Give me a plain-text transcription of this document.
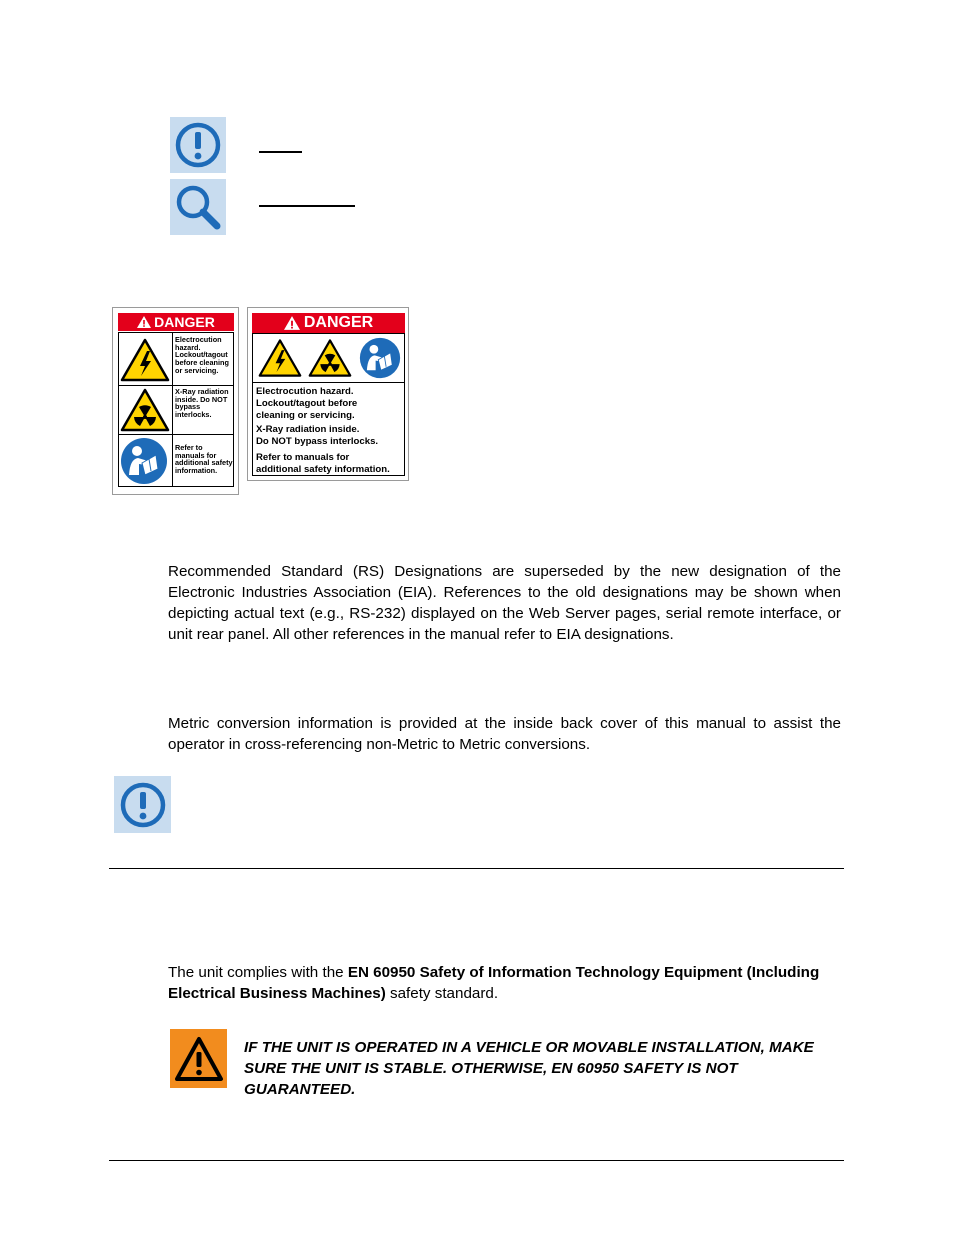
DANGER
Electrocution hazard. Lockout/tagout before cleaning or servicing.
X-Ray radiation inside. Do NOT bypass interlocks.
Refer to manuals for additional safety information.
DANGER
Electrocution hazard.
Lockout/tagout before
cleaning or servicing.
X-Ray radiation inside.
Do NOT bypass interlocks.
Refer to manuals for
additional safety information.
Recommended Standard (RS) Designations are superseded by the new designation of the Electronic Industries Association (EIA). References to the old designations may be shown when depicting actual text (e.g., RS-232) displayed on the Web Server pages, serial remote interface, or unit rear panel. All other references in the manual refer to EIA designations.
Metric conversion information is provided at the inside back cover of this manual to assist the operator in cross-referencing non-Metric to Metric conversions.
The unit complies with the EN 60950 Safety of Information Technology Equipment (Including Electrical Business Machines) safety standard.
IF THE UNIT IS OPERATED IN A VEHICLE OR MOVABLE INSTALLATION, MAKE SURE THE UNIT IS STABLE. OTHERWISE, EN 60950 SAFETY IS NOT GUARANTEED.
